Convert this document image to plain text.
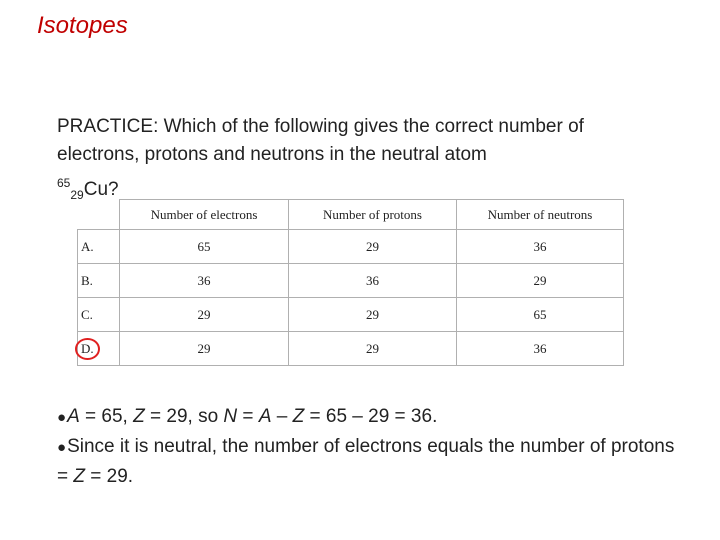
Isotopes
PRACTICE: Which of the following gives the correct number of electrons, protons and neutrons in the neutral atom
$^{65}_{29}$Cu?
	Number of electrons	Number of protons	Number of neutrons
A.	65	29	36
B.	36	36	29
C.	29	29	65
D.	29	29	36
●A = 65, Z = 29, so N = A – Z = 65 – 29 = 36.
●Since it is neutral, the number of electrons equals the number of protons = Z = 29.
